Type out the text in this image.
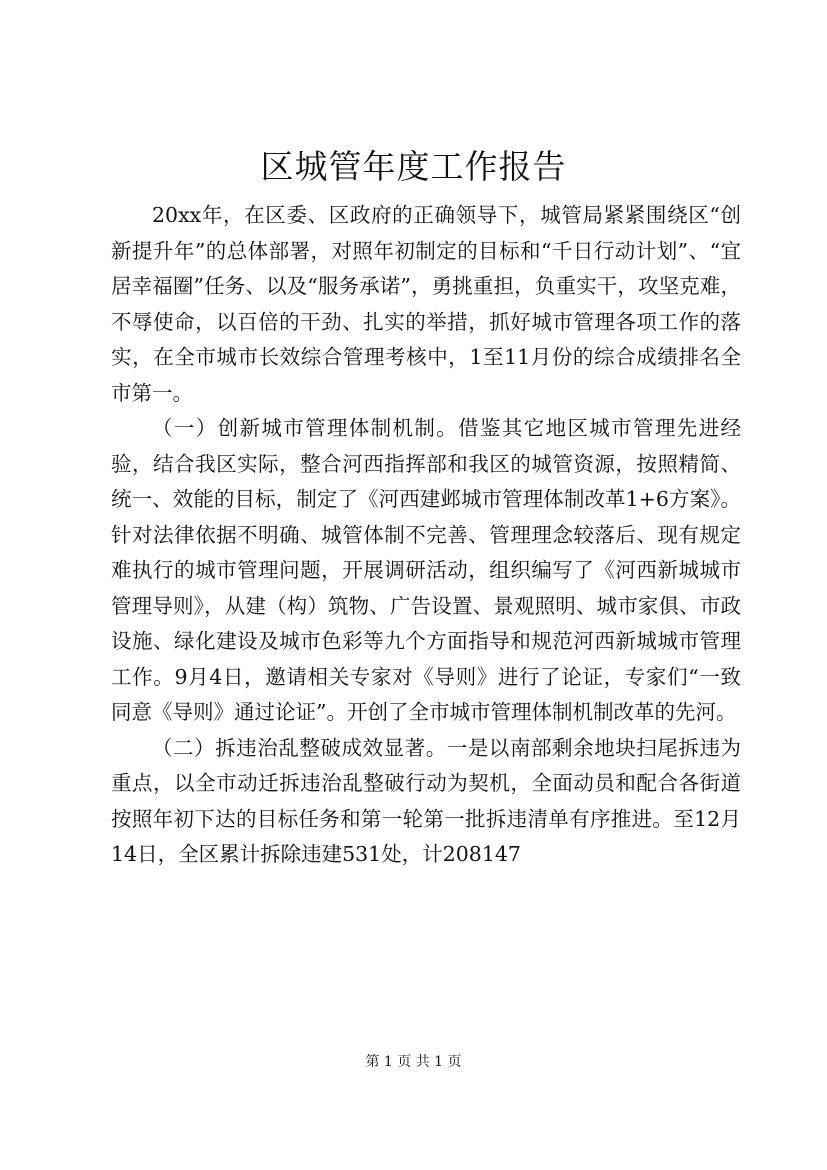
区城管年度工作报告

20xx年，在区委、区政府的正确领导下，城管局紧紧围绕区“创新提升年”的总体部署，对照年初制定的目标和“千日行动计划”、“宜居幸福圈”任务、以及“服务承诺”，勇挑重担，负重实干，攻坚克难，不辱使命，以百倍的干劲、扎实的举措，抓好城市管理各项工作的落实，在全市城市长效综合管理考核中，1至11月份的综合成绩排名全市第一。

（一）创新城市管理体制机制。借鉴其它地区城市管理先进经验，结合我区实际，整合河西指挥部和我区的城管资源，按照精简、统一、效能的目标，制定了《河西建邺城市管理体制改革1+6方案》。针对法律依据不明确、城管体制不完善、管理理念较落后、现有规定难执行的城市管理问题，开展调研活动，组织编写了《河西新城城市管理导则》，从建（构）筑物、广告设置、景观照明、城市家俱、市政设施、绿化建设及城市色彩等九个方面指导和规范河西新城城市管理工作。9月4日，邀请相关专家对《导则》进行了论证，专家们“一致同意《导则》通过论证”。开创了全市城市管理体制机制改革的先河。

（二）拆违治乱整破成效显著。一是以南部剩余地块扫尾拆违为重点，以全市动迁拆违治乱整破行动为契机，全面动员和配合各街道按照年初下达的目标任务和第一轮第一批拆违清单有序推进。至12月14日，全区累计拆除违建531处，计208147

第 1 页 共 1 页
